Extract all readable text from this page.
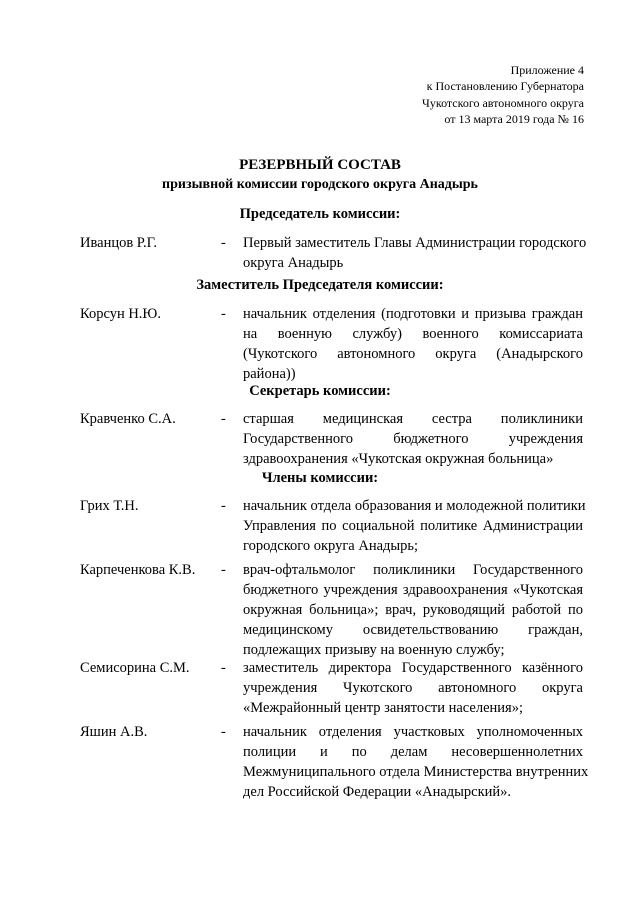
Приложение 4
к Постановлению Губернатора
Чукотского автономного округа
от 13 марта 2019 года № 16
РЕЗЕРВНЫЙ СОСТАВ
призывной комиссии городского округа Анадырь
Председатель комиссии:
Иванцов Р.Г.	- Первый заместитель Главы Администрации городского
округа Анадырь
Заместитель Председателя комиссии:
Корсун Н.Ю.	- начальник отделения (подготовки и призыва граждан
на военную службу) военного комиссариата
(Чукотского автономного округа (Анадырского
района))
Секретарь комиссии:
Кравченко С.А.	- старшая медицинская сестра поликлиники
Государственного бюджетного учреждения
здравоохранения «Чукотская окружная больница»
Члены комиссии:
Грих Т.Н.	- начальник отдела образования и молодежной политики
Управления по социальной политике Администрации
городского округа Анадырь;
Карпеченкова К.В. - врач-офтальмолог поликлиники Государственного
бюджетного учреждения здравоохранения «Чукотская
окружная больница»; врач, руководящий работой по
медицинскому освидетельствованию граждан,
подлежащих призыву на военную службу;
Семисорина С.М. - заместитель директора Государственного казённого
учреждения Чукотского автономного округа
«Межрайонный центр занятости населения»;
Яшин А.В.	- начальник отделения участковых уполномоченных
полиции и по делам несовершеннолетних
Межмуниципального отдела Министерства внутренних
дел Российской Федерации «Анадырский».
